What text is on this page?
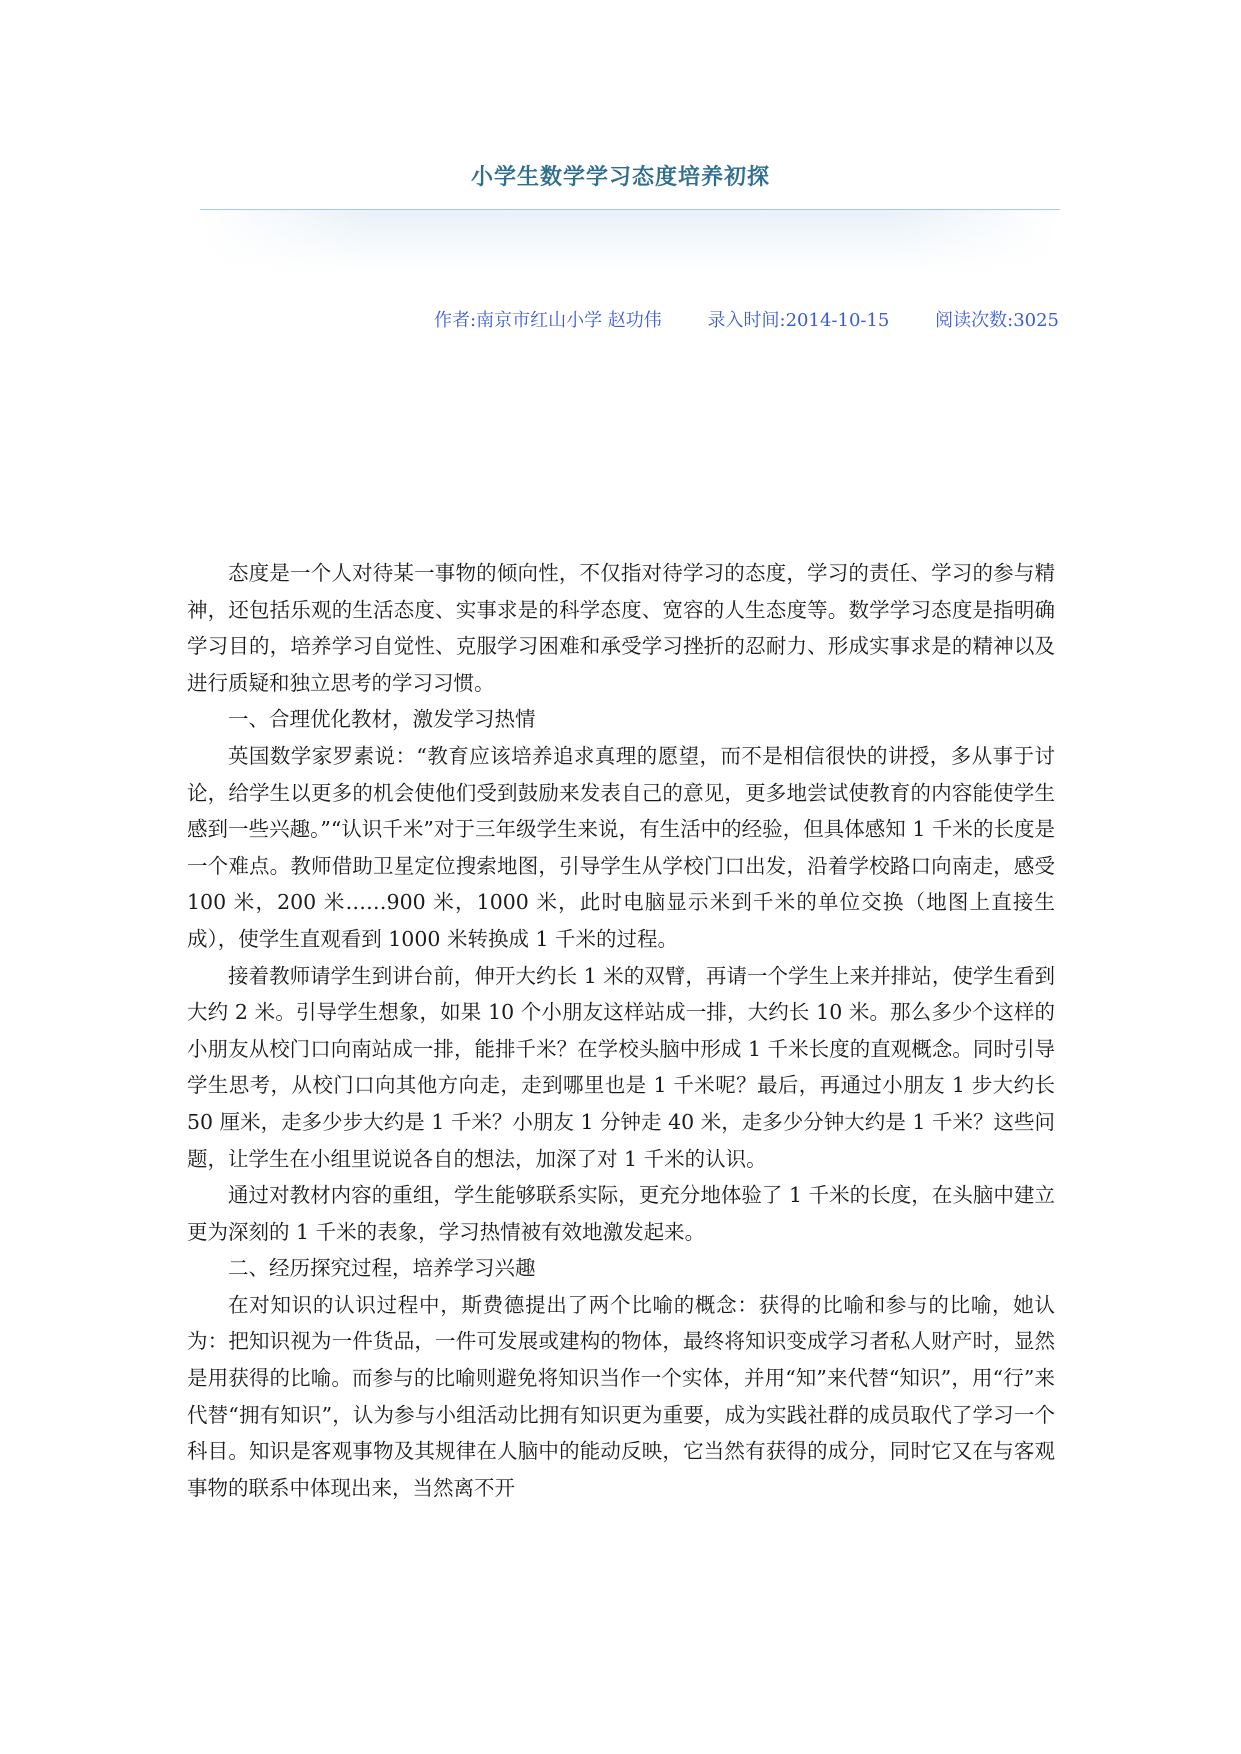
小学生数学学习态度培养初探
作者:南京市红山小学 赵功伟	录入时间:2014-10-15	阅读次数:3025

态度是一个人对待某一事物的倾向性，不仅指对待学习的态度，学习的责任、学习的参与精神，还包括乐观的生活态度、实事求是的科学态度、宽容的人生态度等。数学学习态度是指明确学习目的，培养学习自觉性、克服学习困难和承受学习挫折的忍耐力、形成实事求是的精神以及进行质疑和独立思考的学习习惯。

一、合理优化教材，激发学习热情

英国数学家罗素说：“教育应该培养追求真理的愿望，而不是相信很快的讲授，多从事于讨论，给学生以更多的机会使他们受到鼓励来发表自己的意见，更多地尝试使教育的内容能使学生感到一些兴趣。”“认识千米”对于三年级学生来说，有生活中的经验，但具体感知 1 千米的长度是一个难点。教师借助卫星定位搜索地图，引导学生从学校门口出发，沿着学校路口向南走，感受 100 米，200 米……900 米，1000 米，此时电脑显示米到千米的单位交换（地图上直接生成），使学生直观看到 1000 米转换成 1 千米的过程。

接着教师请学生到讲台前，伸开大约长 1 米的双臂，再请一个学生上来并排站，使学生看到大约 2 米。引导学生想象，如果 10 个小朋友这样站成一排，大约长 10 米。那么多少个这样的小朋友从校门口向南站成一排，能排千米？在学校头脑中形成 1 千米长度的直观概念。同时引导学生思考，从校门口向其他方向走，走到哪里也是 1 千米呢？最后，再通过小朋友 1 步大约长 50 厘米，走多少步大约是 1 千米？小朋友 1 分钟走 40 米，走多少分钟大约是 1 千米？这些问题，让学生在小组里说说各自的想法，加深了对 1 千米的认识。

通过对教材内容的重组，学生能够联系实际，更充分地体验了 1 千米的长度，在头脑中建立更为深刻的 1 千米的表象，学习热情被有效地激发起来。

二、经历探究过程，培养学习兴趣

在对知识的认识过程中，斯费德提出了两个比喻的概念：获得的比喻和参与的比喻，她认为：把知识视为一件货品，一件可发展或建构的物体，最终将知识变成学习者私人财产时，显然是用获得的比喻。而参与的比喻则避免将知识当作一个实体，并用“知”来代替“知识”，用“行”来代替“拥有知识”，认为参与小组活动比拥有知识更为重要，成为实践社群的成员取代了学习一个科目。知识是客观事物及其规律在人脑中的能动反映，它当然有获得的成分，同时它又在与客观事物的联系中体现出来，当然离不开
